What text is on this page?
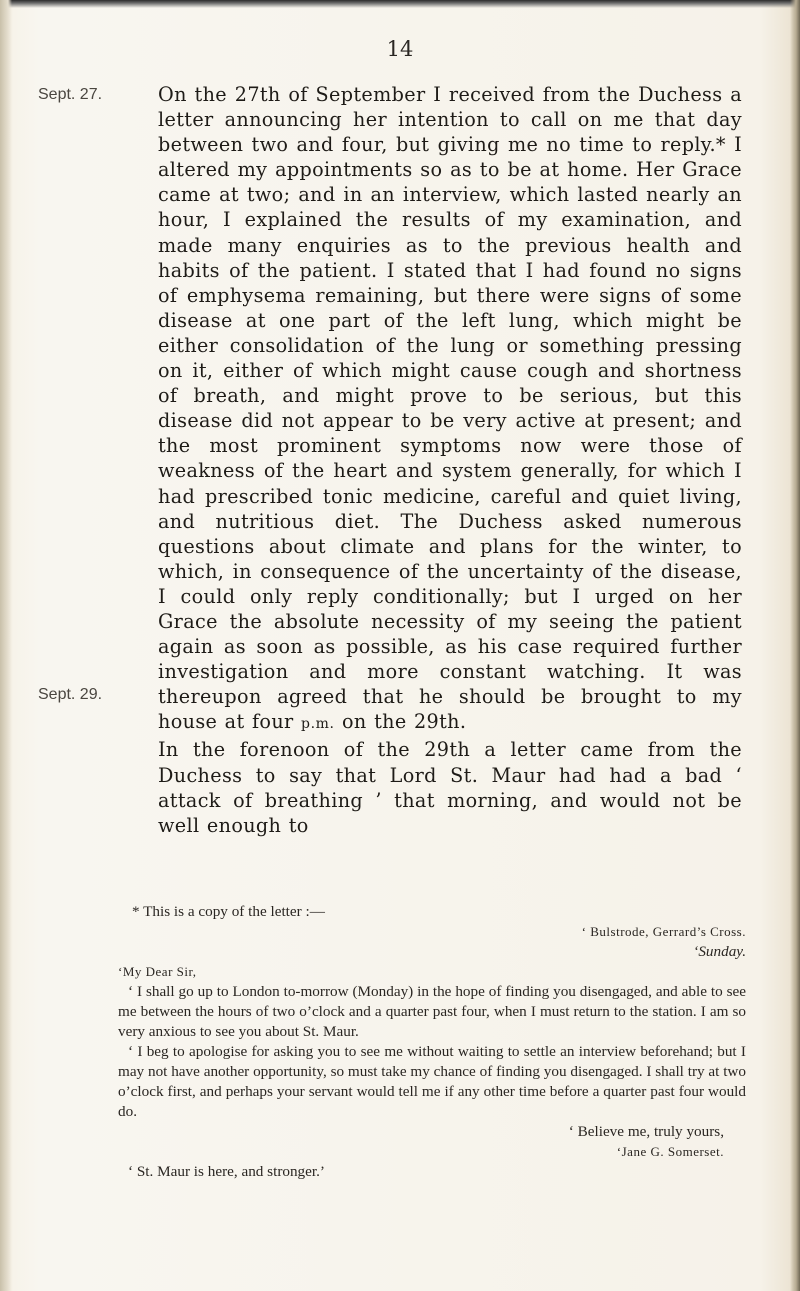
14
Sept. 27.
Sept. 29.

On the 27th of September I received from the Duchess a letter announcing her intention to call on me that day between two and four, but giving me no time to reply.* I altered my appointments so as to be at home. Her Grace came at two; and in an interview, which lasted nearly an hour, I explained the results of my examination, and made many enquiries as to the previous health and habits of the patient. I stated that I had found no signs of emphysema remaining, but there were signs of some disease at one part of the left lung, which might be either consolidation of the lung or something pressing on it, either of which might cause cough and shortness of breath, and might prove to be serious, but this disease did not appear to be very active at present; and the most prominent symptoms now were those of weakness of the heart and system generally, for which I had prescribed tonic medicine, careful and quiet living, and nutritious diet. The Duchess asked numerous questions about climate and plans for the winter, to which, in consequence of the uncertainty of the disease, I could only reply conditionally; but I urged on her Grace the absolute necessity of my seeing the patient again as soon as possible, as his case required further investigation and more constant watching. It was thereupon agreed that he should be brought to my house at four p.m. on the 29th.

In the forenoon of the 29th a letter came from the Duchess to say that Lord St. Maur had had a bad ‘ attack of breathing ’ that morning, and would not be well enough to

* This is a copy of the letter :—

‘ Bulstrode, Gerrard’s Cross.

‘Sunday.

‘My Dear Sir,

‘ I shall go up to London to-morrow (Monday) in the hope of finding you disengaged, and able to see me between the hours of two o’clock and a quarter past four, when I must return to the station. I am so very anxious to see you about St. Maur.

‘ I beg to apologise for asking you to see me without waiting to settle an interview beforehand; but I may not have another opportunity, so must take my chance of finding you disengaged. I shall try at two o’clock first, and perhaps your servant would tell me if any other time before a quarter past four would do.

‘ Believe me, truly yours,

‘Jane G. Somerset.

‘ St. Maur is here, and stronger.’
